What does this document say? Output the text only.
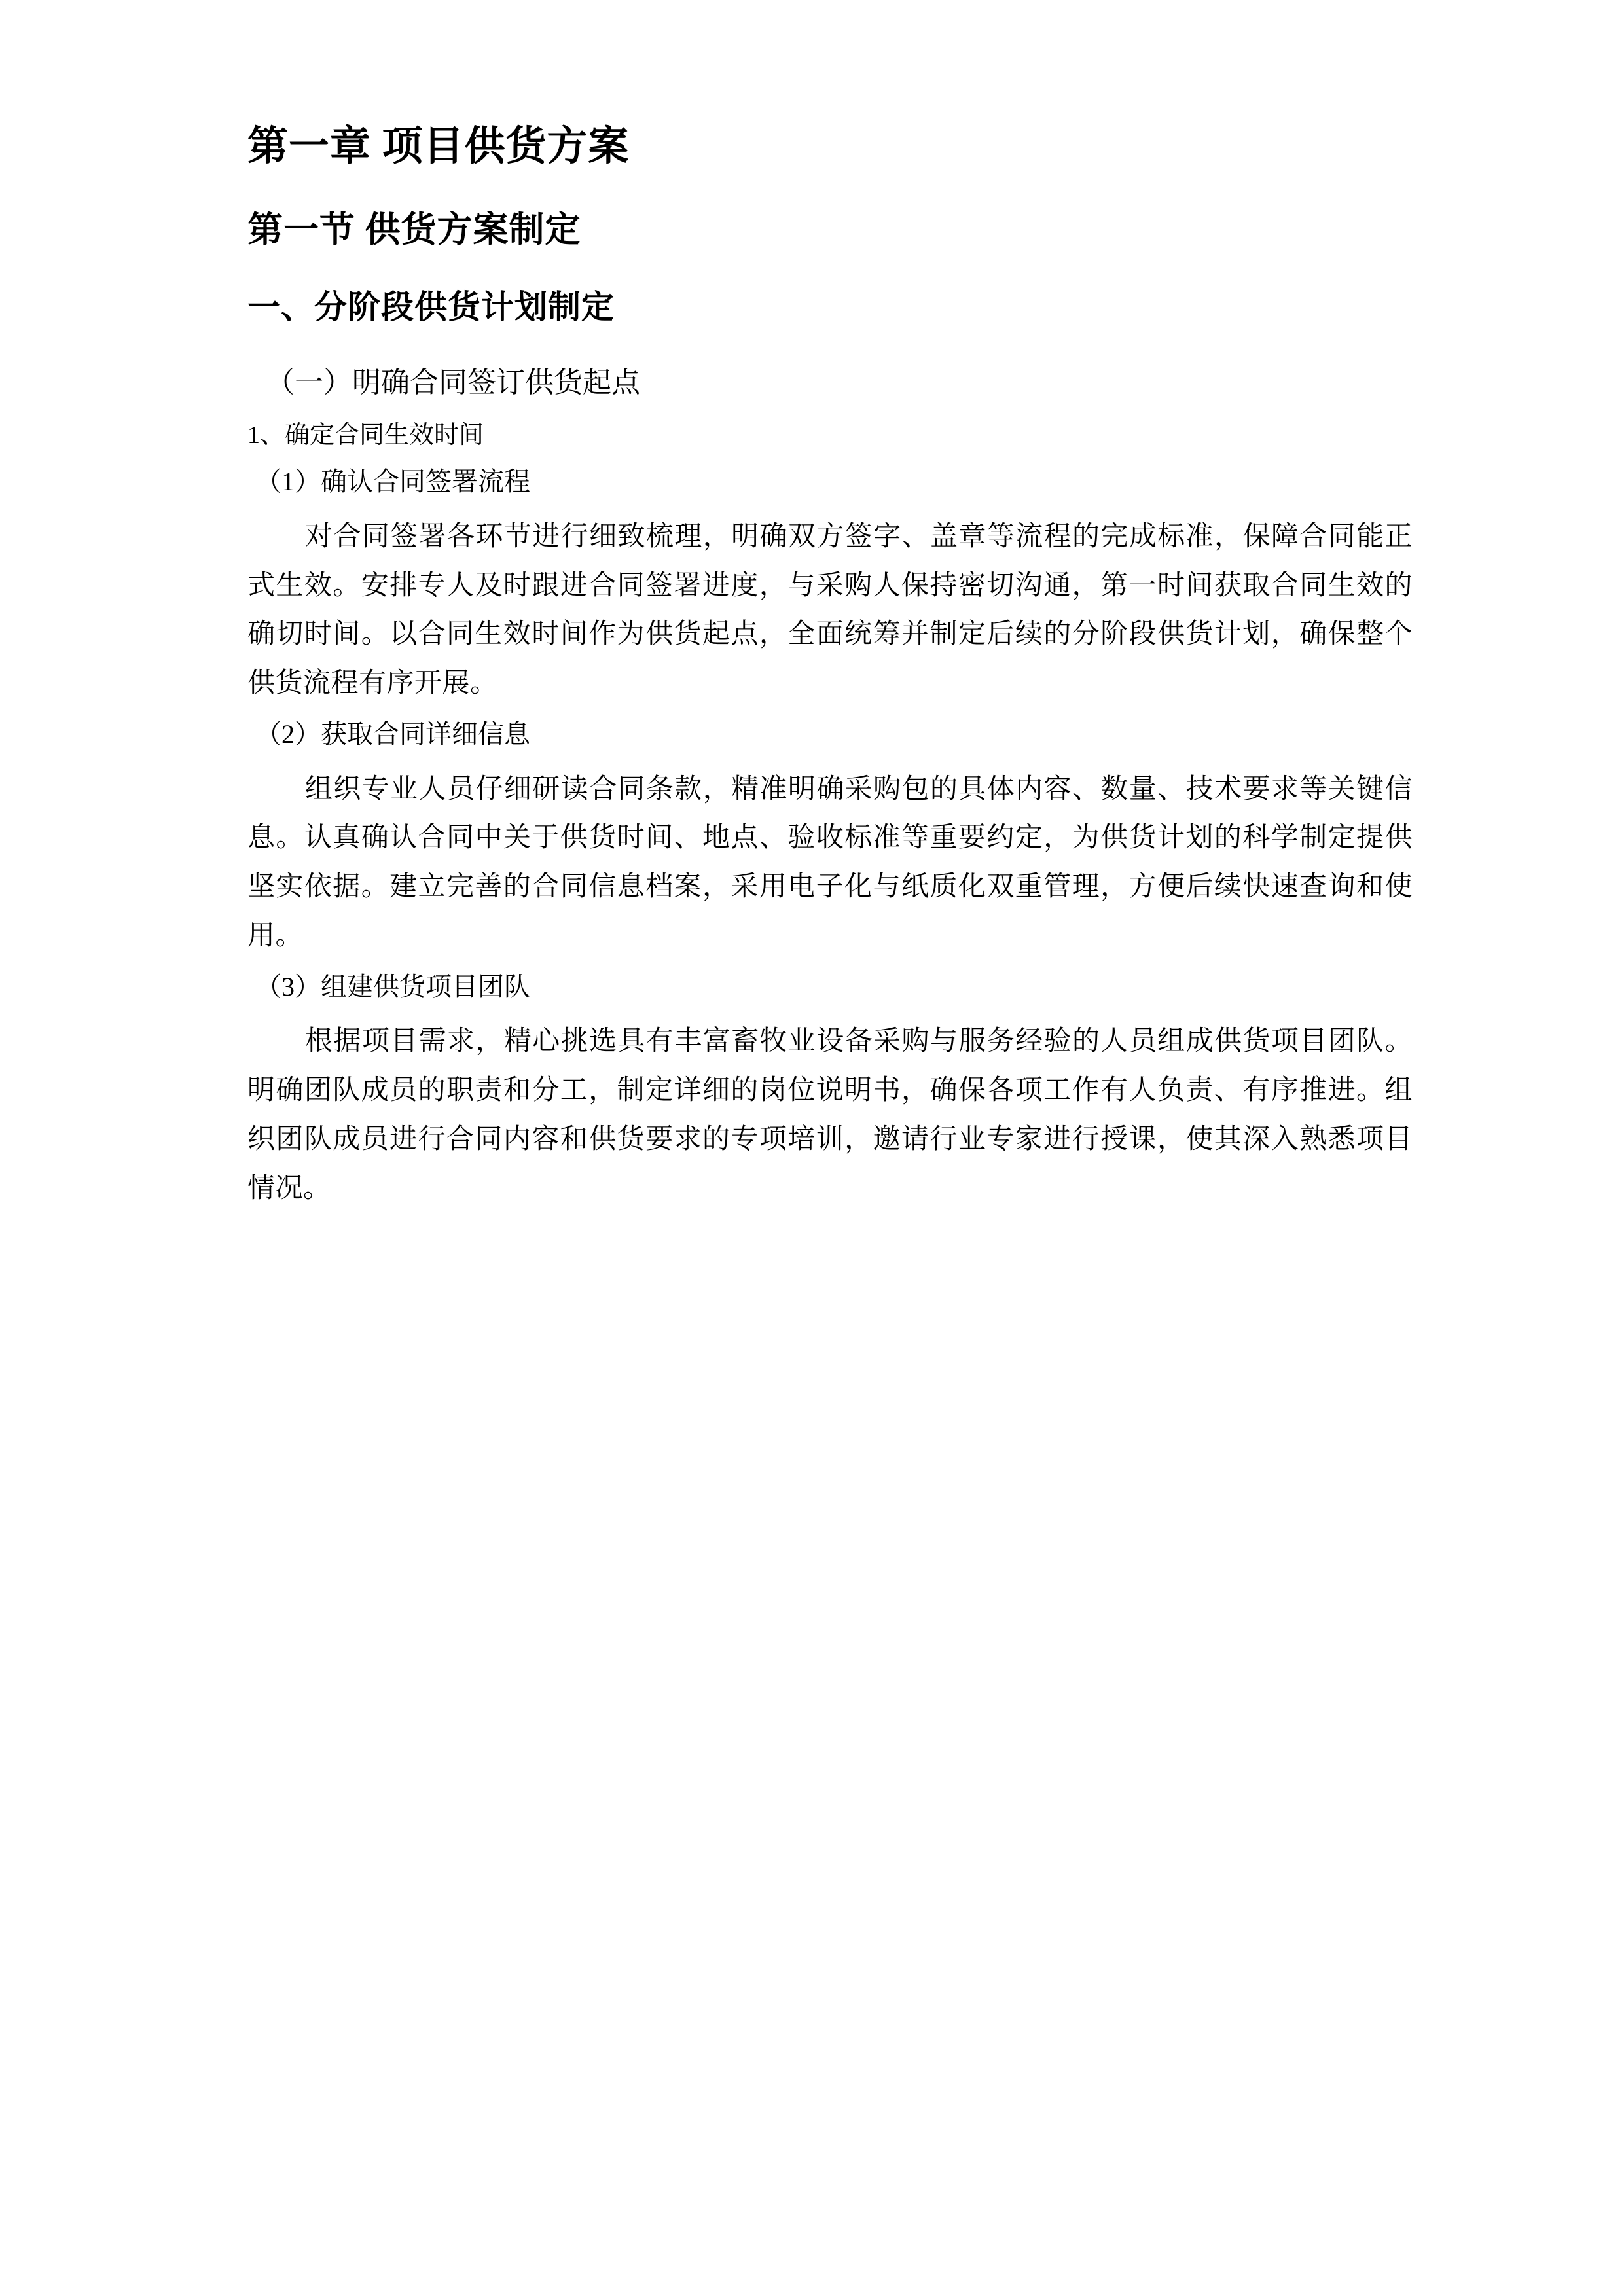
第一章 项目供货方案
第一节 供货方案制定
一、分阶段供货计划制定
（一）明确合同签订供货起点

1、确定合同生效时间

（1）确认合同签署流程

对合同签署各环节进行细致梳理，明确双方签字、盖章等流程的完成标准，保障合同能正式生效。安排专人及时跟进合同签署进度，与采购人保持密切沟通，第一时间获取合同生效的确切时间。以合同生效时间作为供货起点，全面统筹并制定后续的分阶段供货计划，确保整个供货流程有序开展。

（2）获取合同详细信息

组织专业人员仔细研读合同条款，精准明确采购包的具体内容、数量、技术要求等关键信息。认真确认合同中关于供货时间、地点、验收标准等重要约定，为供货计划的科学制定提供坚实依据。建立完善的合同信息档案，采用电子化与纸质化双重管理，方便后续快速查询和使用。

（3）组建供货项目团队

根据项目需求，精心挑选具有丰富畜牧业设备采购与服务经验的人员组成供货项目团队。明确团队成员的职责和分工，制定详细的岗位说明书，确保各项工作有人负责、有序推进。组织团队成员进行合同内容和供货要求的专项培训，邀请行业专家进行授课，使其深入熟悉项目情况。
